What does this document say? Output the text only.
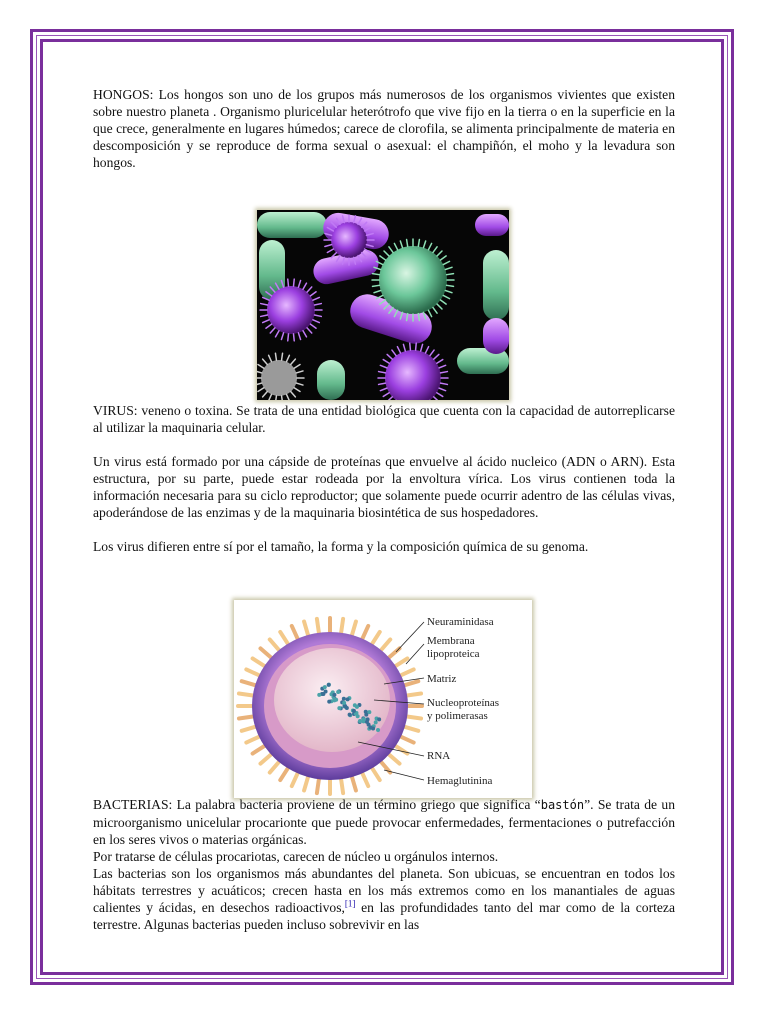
HONGOS: Los hongos son uno de los grupos más numerosos de los organismos vivientes que existen sobre nuestro planeta . Organismo pluricelular heterótrofo que vive fijo en la tierra o en la superficie en la que crece, generalmente en lugares húmedos; carece de clorofila, se alimenta principalmente de materia en descomposición y se reproduce de forma sexual o asexual: el champiñón, el moho y la levadura son hongos.

VIRUS: veneno o toxina. Se trata de una entidad biológica que cuenta con la capacidad de autorreplicarse al utilizar la maquinaria celular.

Un virus está formado por una cápside de proteínas que envuelve al ácido nucleico (ADN o ARN). Esta estructura, por su parte, puede estar rodeada por la envoltura vírica. Los virus contienen toda la información necesaria para su ciclo reproductor; que solamente puede ocurrir adentro de las células vivas, apoderándose de las enzimas y de la maquinaria biosintética de sus hospedadores.

Los virus difieren entre sí por el tamaño, la forma y la composición química de su genoma.

Neuraminidasa
Membrana
lipoproteica
Matriz
Nucleoproteínas
y polimerasas
RNA
Hemaglutinina

BACTERIAS: La palabra bacteria proviene de un término griego que significa “bastón”. Se trata de un microorganismo unicelular procarionte que puede provocar enfermedades, fermentaciones o putrefacción en los seres vivos o materias orgánicas.

Por tratarse de células procariotas, carecen de núcleo u orgánulos internos.

Las bacterias son los organismos más abundantes del planeta. Son ubicuas, se encuentran en todos los hábitats terrestres y acuáticos; crecen hasta en los más extremos como en los manantiales de aguas calientes y ácidas, en desechos radioactivos,[1] en las profundidades tanto del mar como de la corteza terrestre. Algunas bacterias pueden incluso sobrevivir en las
